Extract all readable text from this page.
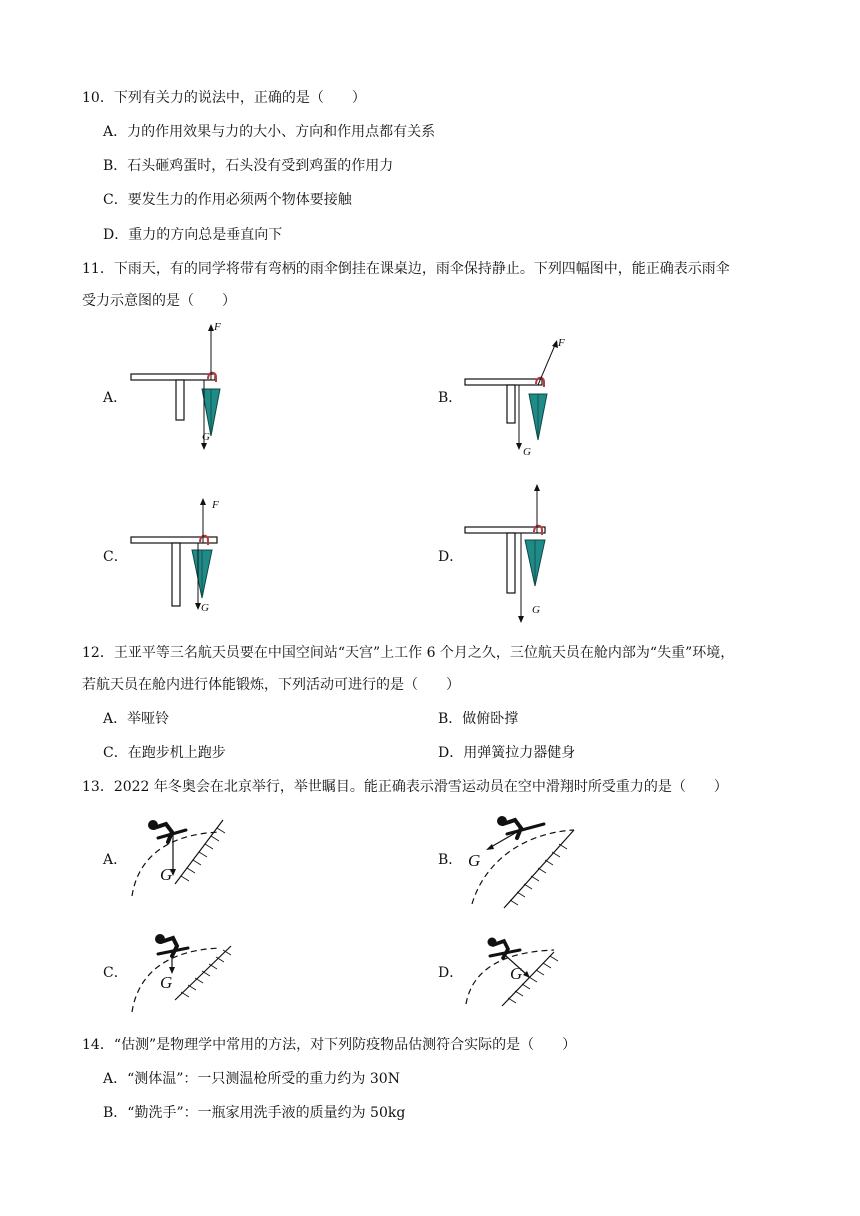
10．下列有关力的说法中，正确的是（　　）
A．力的作用效果与力的大小、方向和作用点都有关系
B．石头砸鸡蛋时，石头没有受到鸡蛋的作用力
C．要发生力的作用必须两个物体要接触
D．重力的方向总是垂直向下
11．下雨天，有的同学将带有弯柄的雨伞倒挂在课桌边，雨伞保持静止。下列四幅图中，能正确表示雨伞
受力示意图的是（　　）
A．
F
G
B．
F
G
C．
F
G
D．
G
12．王亚平等三名航天员要在中国空间站“天宫”上工作 6 个月之久，三位航天员在舱内部为“失重”环境，
若航天员在舱内进行体能锻炼，下列活动可进行的是（　　）
A．举哑铃	B．做俯卧撑
C．在跑步机上跑步	D．用弹簧拉力器健身
13．2022 年冬奥会在北京举行，举世瞩目。能正确表示滑雪运动员在空中滑翔时所受重力的是（　　）
A．
G
B． G
C． G	D．	G
14．“估测”是物理学中常用的方法，对下列防疫物品估测符合实际的是（　　）
A．“测体温”：一只测温枪所受的重力约为 30N
B．“勤洗手”：一瓶家用洗手液的质量约为 50kg
